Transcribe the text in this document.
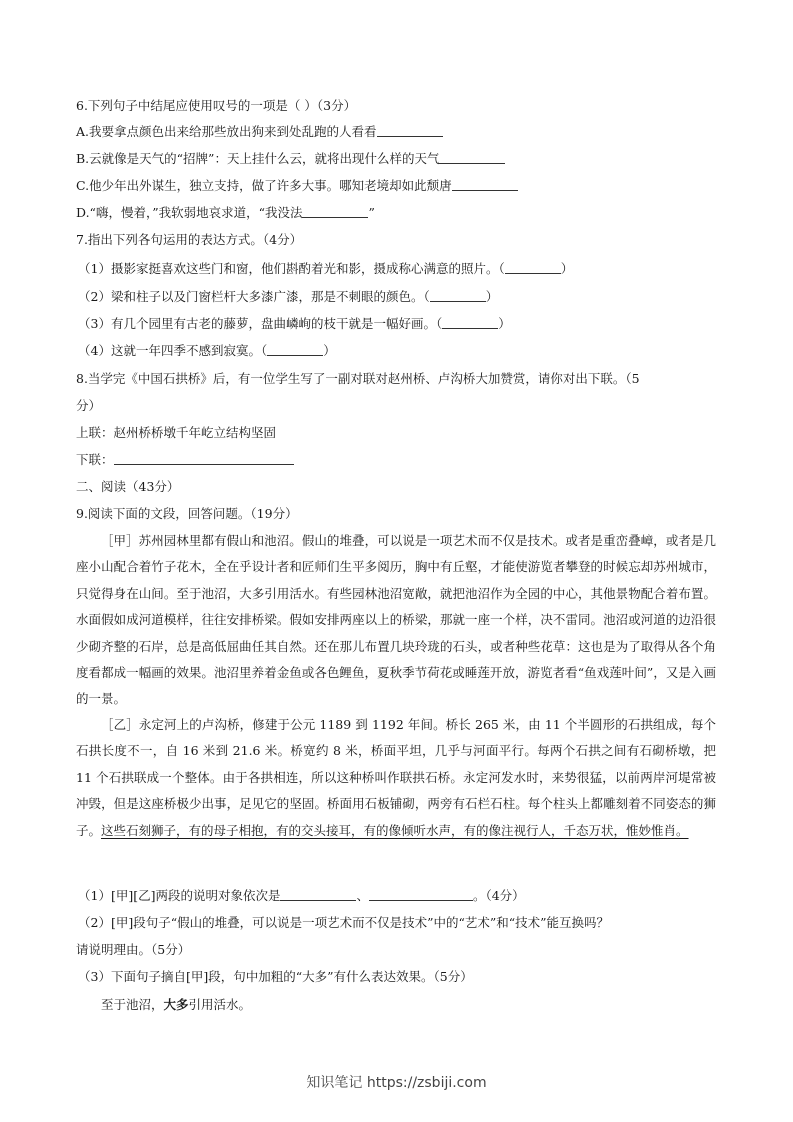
6.下列句子中结尾应使用叹号的一项是（ ）（3分）
A.我要拿点颜色出来给那些放出狗来到处乱跑的人看看
B.云就像是天气的“招牌”：天上挂什么云，就将出现什么样的天气
C.他少年出外谋生，独立支持，做了许多大事。哪知老境却如此颓唐
D.“嗨，慢着，”我软弱地哀求道，“我没法	”
7.指出下列各句运用的表达方式。（4分）
（1）摄影家挺喜欢这些门和窗，他们斟酌着光和影，摄成称心满意的照片。（	）
（2）梁和柱子以及门窗栏杆大多漆广漆，那是不刺眼的颜色。（	）
（3）有几个园里有古老的藤萝，盘曲嶙峋的枝干就是一幅好画。（	）
（4）这就一年四季不感到寂寞。（	）
8.当学完《中国石拱桥》后，有一位学生写了一副对联对赵州桥、卢沟桥大加赞赏，请你对出下联。（5
分）
上联：赵州桥桥墩千年屹立结构坚固
下联：
二、阅读（43分）
9.阅读下面的文段，回答问题。（19分）
［甲］苏州园林里都有假山和池沼。假山的堆叠，可以说是一项艺术而不仅是技术。或者是重峦叠嶂，或者是几座小山配合着竹子花木，全在乎设计者和匠师们生平多阅历，胸中有丘壑，才能使游览者攀登的时候忘却苏州城市，只觉得身在山间。至于池沼，大多引用活水。有些园林池沼宽敞，就把池沼作为全园的中心，其他景物配合着布置。水面假如成河道模样，往往安排桥梁。假如安排两座以上的桥梁，那就一座一个样，决不雷同。池沼或河道的边沿很少砌齐整的石岸，总是高低屈曲任其自然。还在那儿布置几块玲珑的石头，或者种些花草：这也是为了取得从各个角度看都成一幅画的效果。池沼里养着金鱼或各色鲤鱼，夏秋季节荷花或睡莲开放，游览者看“鱼戏莲叶间”，又是入画的一景。
［乙］永定河上的卢沟桥，修建于公元 1189 到 1192 年间。桥长 265 米，由 11 个半圆形的石拱组成，每个石拱长度不一，自 16 米到 21.6 米。桥宽约 8 米，桥面平坦，几乎与河面平行。每两个石拱之间有石砌桥墩，把 11 个石拱联成一个整体。由于各拱相连，所以这种桥叫作联拱石桥。永定河发水时，来势很猛，以前两岸河堤常被冲毁，但是这座桥极少出事，足见它的坚固。桥面用石板铺砌，两旁有石栏石柱。每个柱头上都雕刻着不同姿态的狮子。这些石刻狮子，有的母子相抱，有的交头接耳，有的像倾听水声，有的像注视行人，千态万状，惟妙惟肖。
（1）[甲][乙]两段的说明对象依次是	、	。（4分）
（2）[甲]段句子“假山的堆叠，可以说是一项艺术而不仅是技术”中的“艺术”和“技术”能互换吗？
请说明理由。（5分）
（3）下面句子摘自[甲]段，句中加粗的“大多”有什么表达效果。（5分）
至于池沼，大多引用活水。
知识笔记 https://zsbiji.com
